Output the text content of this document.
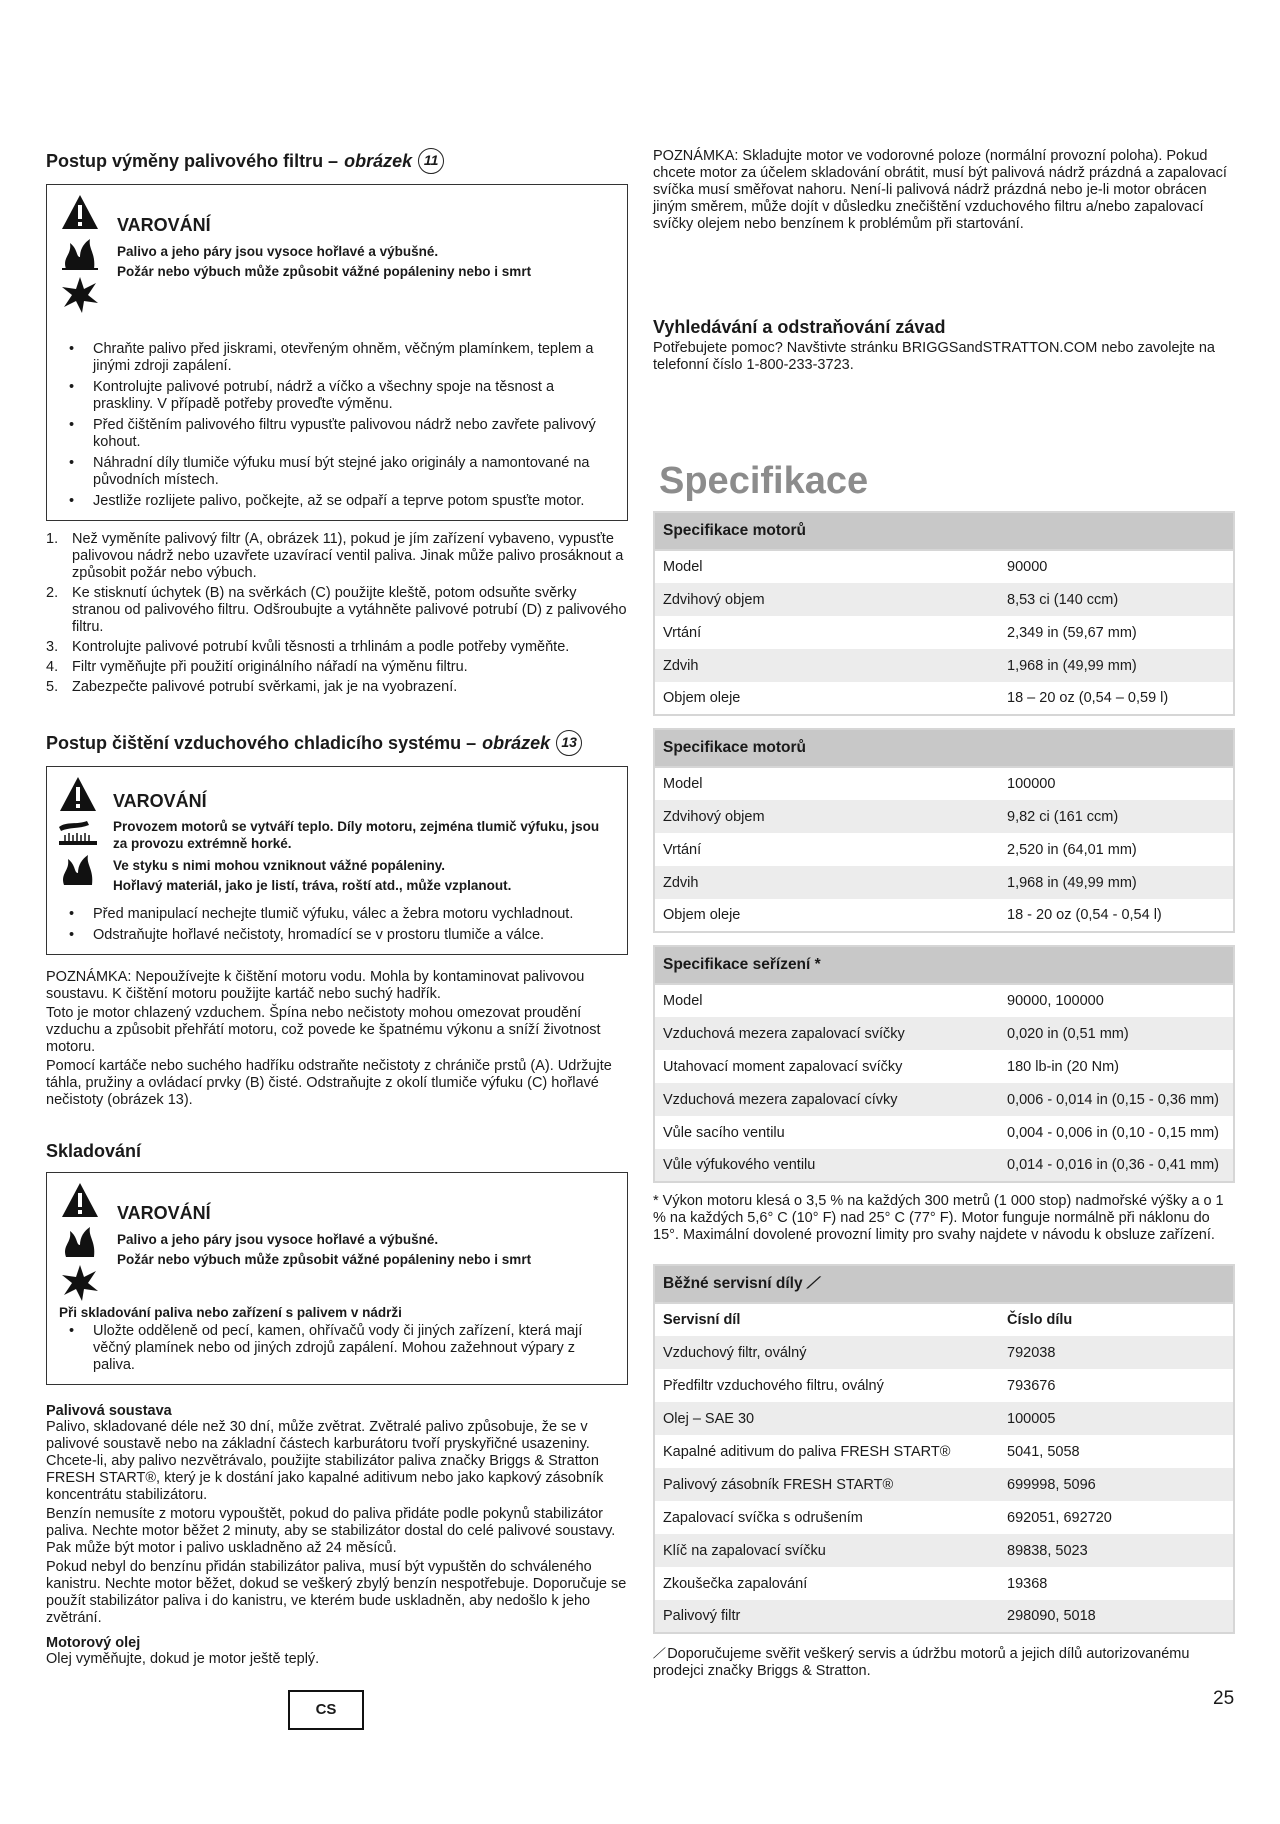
Postup výměny palivového filtru – obrázek 11
VAROVÁNÍ
Palivo a jeho páry jsou vysoce hořlavé a výbušné.
Požár nebo výbuch může způsobit vážné popáleniny nebo i smrt
• Chraňte palivo před jiskrami, otevřeným ohněm, věčným plamínkem, teplem a jinými zdroji zapálení.
• Kontrolujte palivové potrubí, nádrž a víčko a všechny spoje na těsnost a praskliny. V případě potřeby proveďte výměnu.
• Před čištěním palivového filtru vypusťte palivovou nádrž nebo zavřete palivový kohout.
• Náhradní díly tlumiče výfuku musí být stejné jako originály a namontované na původních místech.
• Jestliže rozlijete palivo, počkejte, až se odpaří a teprve potom spusťte motor.
1. Než vyměníte palivový filtr (A, obrázek 11), pokud je jím zařízení vybaveno, vypusťte palivovou nádrž nebo uzavřete uzavírací ventil paliva. Jinak může palivo prosáknout a způsobit požár nebo výbuch.
2. Ke stisknutí úchytek (B) na svěrkách (C) použijte kleště, potom odsuňte svěrky stranou od palivového filtru. Odšroubujte a vytáhněte palivové potrubí (D) z palivového filtru.
3. Kontrolujte palivové potrubí kvůli těsnosti a trhlinám a podle potřeby vyměňte.
4. Filtr vyměňujte při použití originálního nářadí na výměnu filtru.
5. Zabezpečte palivové potrubí svěrkami, jak je na vyobrazení.
Postup čištění vzduchového chladicího systému – obrázek 13
VAROVÁNÍ
Provozem motorů se vytváří teplo. Díly motoru, zejména tlumič výfuku, jsou za provozu extrémně horké.
Ve styku s nimi mohou vzniknout vážné popáleniny.
Hořlavý materiál, jako je listí, tráva, roští atd., může vzplanout.
• Před manipulací nechejte tlumič výfuku, válec a žebra motoru vychladnout.
• Odstraňujte hořlavé nečistoty, hromadící se v prostoru tlumiče a válce.

POZNÁMKA: Nepoužívejte k čištění motoru vodu. Mohla by kontaminovat palivovou soustavu. K čištění motoru použijte kartáč nebo suchý hadřík.

Toto je motor chlazený vzduchem. Špína nebo nečistoty mohou omezovat proudění vzduchu a způsobit přehřátí motoru, což povede ke špatnému výkonu a sníží životnost motoru.

Pomocí kartáče nebo suchého hadříku odstraňte nečistoty z chrániče prstů (A). Udržujte táhla, pružiny a ovládací prvky (B) čisté. Odstraňujte z okolí tlumiče výfuku (C) hořlavé nečistoty (obrázek 13).

Skladování
VAROVÁNÍ
Palivo a jeho páry jsou vysoce hořlavé a výbušné.
Požár nebo výbuch může způsobit vážné popáleniny nebo i smrt
Při skladování paliva nebo zařízení s palivem v nádrži
• Uložte odděleně od pecí, kamen, ohřívačů vody či jiných zařízení, která mají věčný plamínek nebo od jiných zdrojů zapálení. Mohou zažehnout výpary z paliva.
Palivová soustava

Palivo, skladované déle než 30 dní, může zvětrat. Zvětralé palivo způsobuje, že se v palivové soustavě nebo na základní částech karburátoru tvoří pryskyřičné usazeniny. Chcete-li, aby palivo nezvětrávalo, použijte stabilizátor paliva značky Briggs & Stratton FRESH START®, který je k dostání jako kapalné aditivum nebo jako kapkový zásobník koncentrátu stabilizátoru.

Benzín nemusíte z motoru vypouštět, pokud do paliva přidáte podle pokynů stabilizátor paliva. Nechte motor běžet 2 minuty, aby se stabilizátor dostal do celé palivové soustavy. Pak může být motor i palivo uskladněno až 24 měsíců.

Pokud nebyl do benzínu přidán stabilizátor paliva, musí být vypuštěn do schváleného kanistru. Nechte motor běžet, dokud se veškerý zbylý benzín nespotřebuje. Doporučuje se použít stabilizátor paliva i do kanistru, ve kterém bude uskladněn, aby nedošlo k jeho zvětrání.

Motorový olej

Olej vyměňujte, dokud je motor ještě teplý.

POZNÁMKA: Skladujte motor ve vodorovné poloze (normální provozní poloha). Pokud chcete motor za účelem skladování obrátit, musí být palivová nádrž prázdná a zapalovací svíčka musí směřovat nahoru. Není-li palivová nádrž prázdná nebo je-li motor obrácen jiným směrem, může dojít v důsledku znečištění vzduchového filtru a/nebo zapalovací svíčky olejem nebo benzínem k problémům při startování.

Vyhledávání a odstraňování závad

Potřebujete pomoc? Navštivte stránku BRIGGSandSTRATTON.COM nebo zavolejte na telefonní číslo 1-800-233-3723.

Specifikace
Specifikace motorů	
Model	90000
Zdvihový objem	8,53 ci (140 ccm)
Vrtání	2,349 in (59,67 mm)
Zdvih	1,968 in (49,99 mm)
Objem oleje	18 – 20 oz (0,54 – 0,59 l)
Specifikace motorů	
Model	100000
Zdvihový objem	9,82 ci (161 ccm)
Vrtání	2,520 in (64,01 mm)
Zdvih	1,968 in (49,99 mm)
Objem oleje	18 - 20 oz (0,54 - 0,54 l)
Specifikace seřízení *	
Model	90000, 100000
Vzduchová mezera zapalovací svíčky	0,020 in (0,51 mm)
Utahovací moment zapalovací svíčky	180 lb-in (20 Nm)
Vzduchová mezera zapalovací cívky	0,006 - 0,014 in (0,15 - 0,36 mm)
Vůle sacího ventilu	0,004 - 0,006 in (0,10 - 0,15 mm)
Vůle výfukového ventilu	0,014 - 0,016 in (0,36 - 0,41 mm)

* Výkon motoru klesá o 3,5 % na každých 300 metrů (1 000 stop) nadmořské výšky a o 1 % na každých 5,6° C (10° F) nad 25° C (77° F). Motor funguje normálně při náklonu do 15°. Maximální dovolené provozní limity pro svahy najdete v návodu k obsluze zařízení.

Běžné servisní díly ⟋	
Servisní díl	Číslo dílu
Vzduchový filtr, oválný	792038
Předfiltr vzduchového filtru, oválný	793676
Olej – SAE 30	100005
Kapalné aditivum do paliva FRESH START®	5041, 5058
Palivový zásobník FRESH START®	699998, 5096
Zapalovací svíčka s odrušením	692051, 692720
Klíč na zapalovací svíčku	89838, 5023
Zkoušečka zapalování	19368
Palivový filtr	298090, 5018

⟋ Doporučujeme svěřit veškerý servis a údržbu motorů a jejich dílů autorizovanému prodejci značky Briggs & Stratton.

CS
25
